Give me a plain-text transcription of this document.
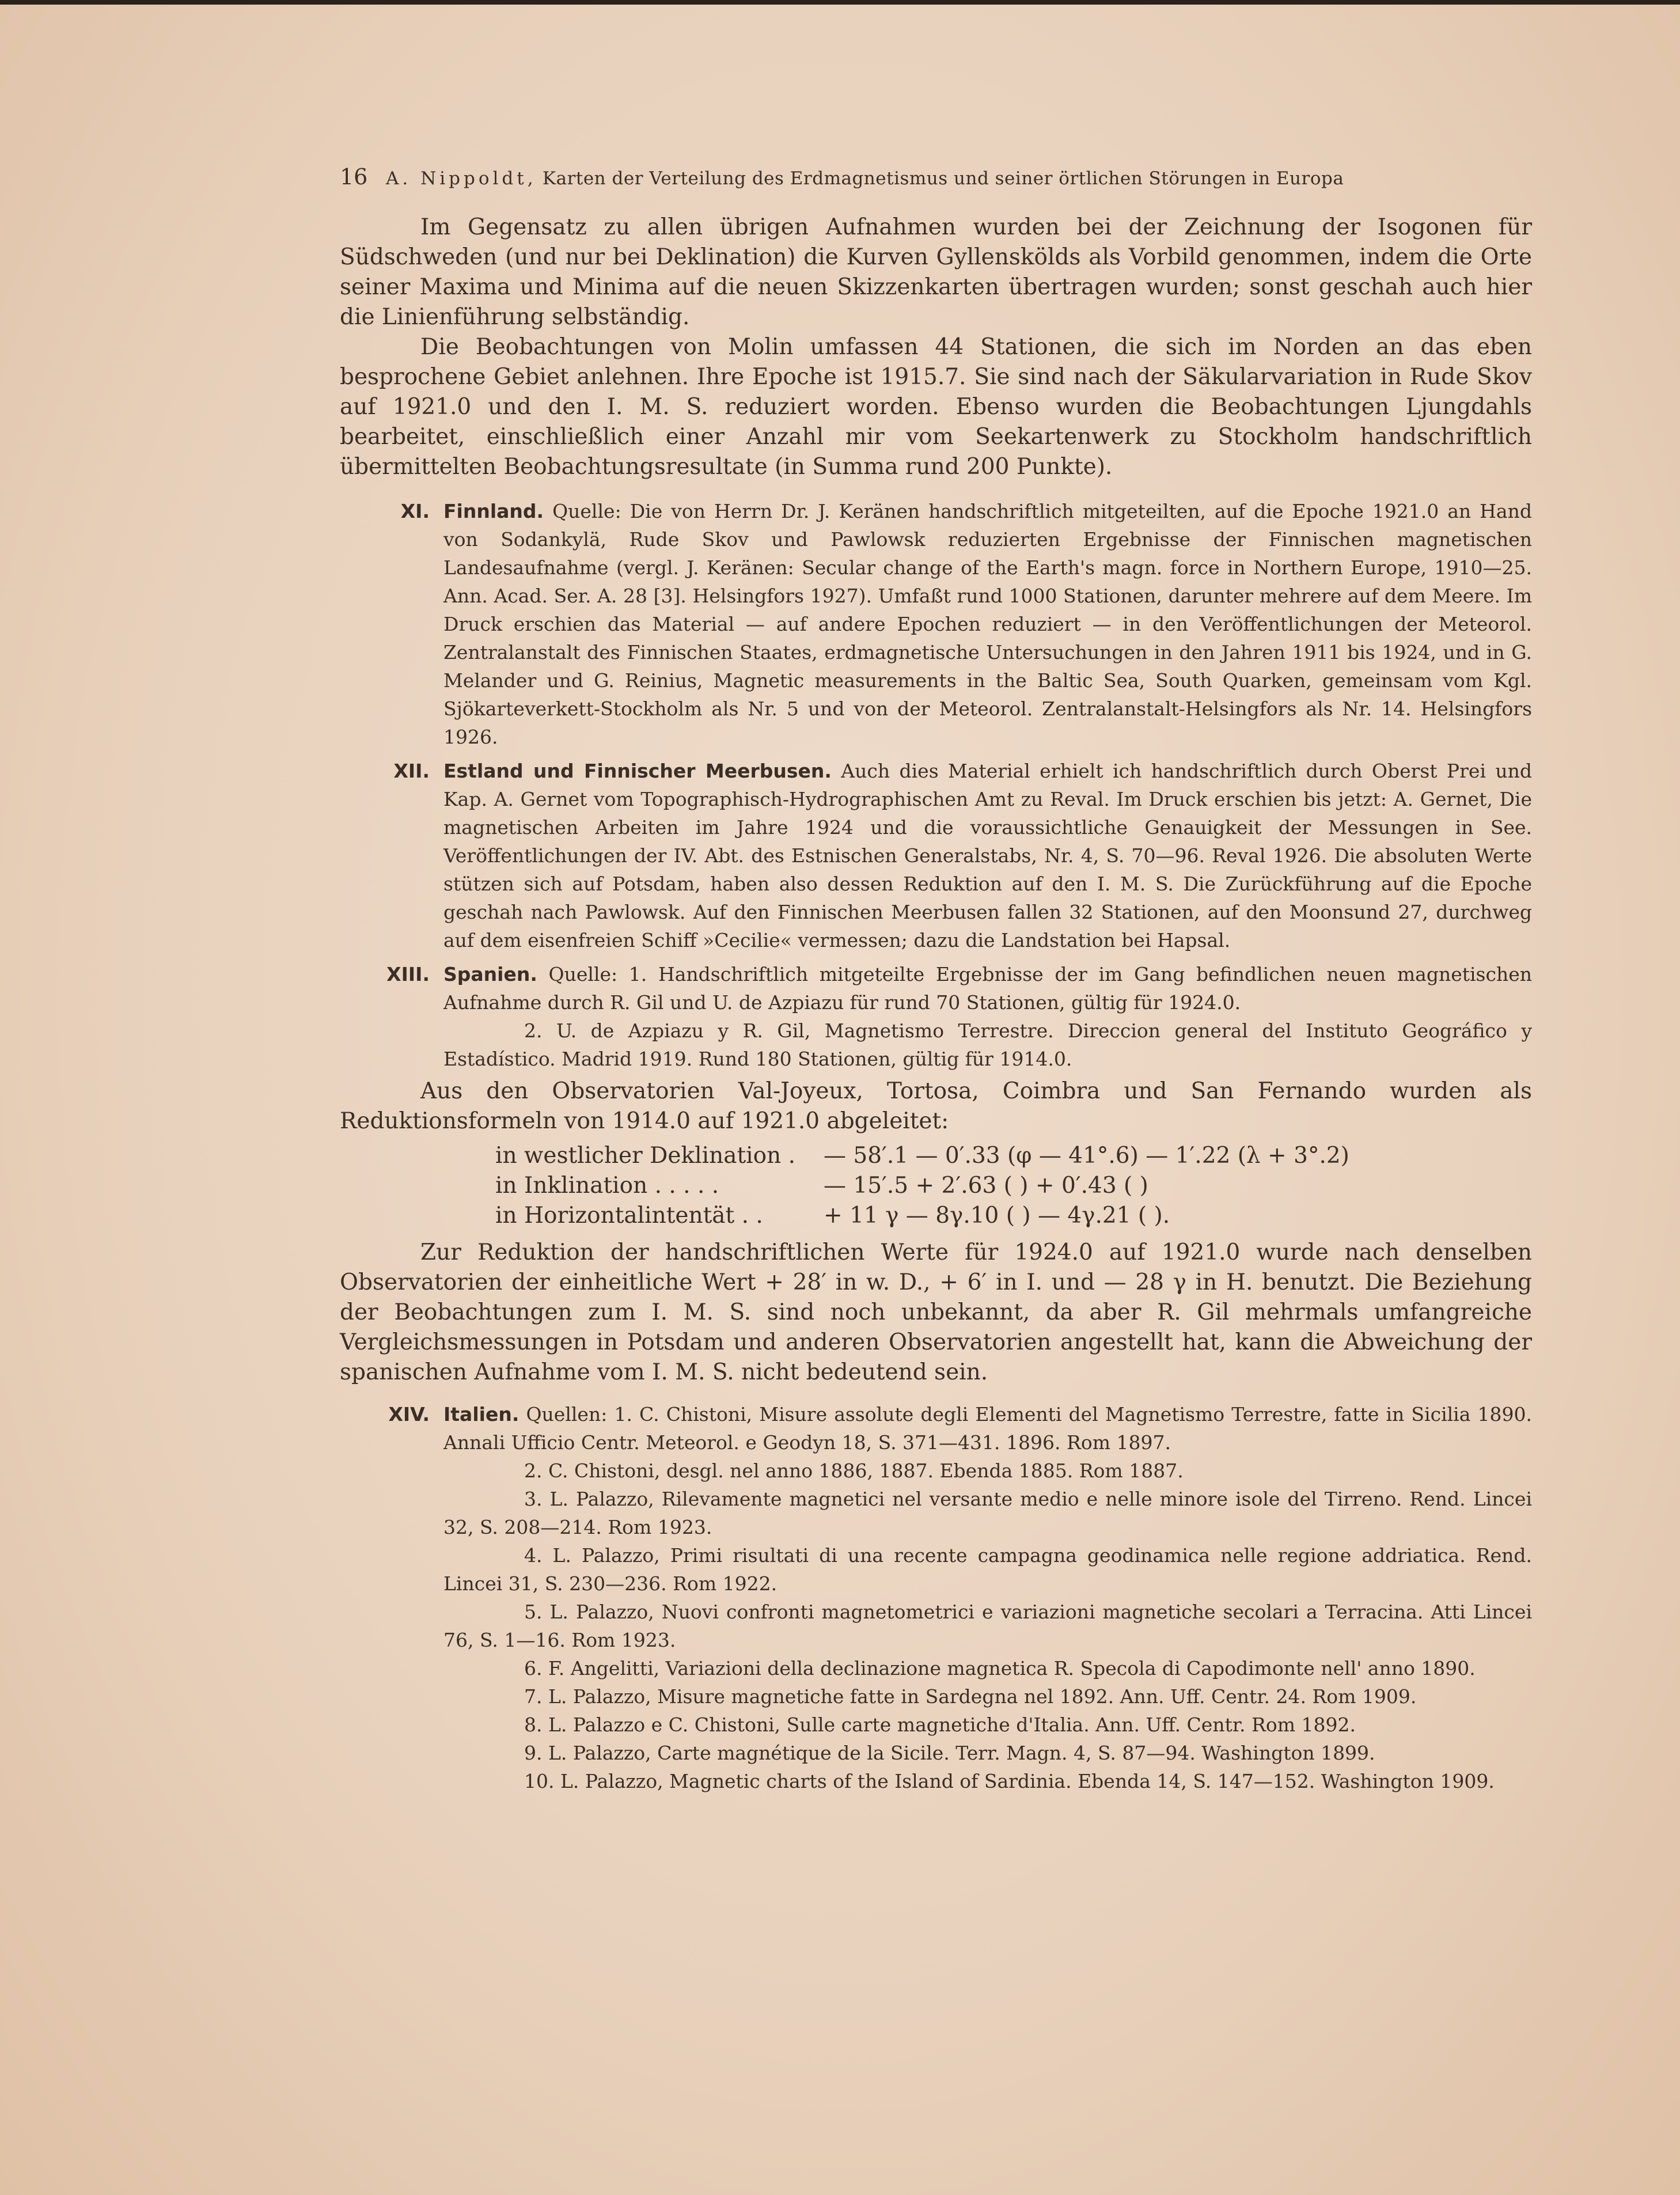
16	A. Nippoldt, Karten der Verteilung des Erdmagnetismus und seiner örtlichen Störungen in Europa

Im Gegensatz zu allen übrigen Aufnahmen wurden bei der Zeichnung der Isogonen für Südschweden (und nur bei Deklination) die Kurven Gyllenskölds als Vorbild genommen, indem die Orte seiner Maxima und Minima auf die neuen Skizzenkarten übertragen wurden; sonst geschah auch hier die Linienführung selbständig.

Die Beobachtungen von Molin umfassen 44 Stationen, die sich im Norden an das eben besprochene Gebiet anlehnen. Ihre Epoche ist 1915.7. Sie sind nach der Säkularvariation in Rude Skov auf 1921.0 und den I. M. S. reduziert worden. Ebenso wurden die Beobachtungen Ljungdahls bearbeitet, einschließlich einer Anzahl mir vom Seekartenwerk zu Stockholm handschriftlich übermittelten Beobachtungsresultate (in Summa rund 200 Punkte).

XI. Finnland. Quelle: Die von Herrn Dr. J. Keränen handschriftlich mitgeteilten, auf die Epoche 1921.0 an Hand von Sodankylä, Rude Skov und Pawlowsk reduzierten Ergebnisse der Finnischen magnetischen Landesaufnahme (vergl. J. Keränen: Secular change of the Earth's magn. force in Northern Europe, 1910—25. Ann. Acad. Ser. A. 28 [3]. Helsingfors 1927). Umfaßt rund 1000 Stationen, darunter mehrere auf dem Meere. Im Druck erschien das Material — auf andere Epochen reduziert — in den Veröffentlichungen der Meteorol. Zentralanstalt des Finnischen Staates, erdmagnetische Untersuchungen in den Jahren 1911 bis 1924, und in G. Melander und G. Reinius, Magnetic measurements in the Baltic Sea, South Quarken, gemeinsam vom Kgl. Sjökarteverkett-Stockholm als Nr. 5 und von der Meteorol. Zentralanstalt-Helsingfors als Nr. 14. Helsingfors 1926.
XII. Estland und Finnischer Meerbusen. Auch dies Material erhielt ich handschriftlich durch Oberst Prei und Kap. A. Gernet vom Topographisch-Hydrographischen Amt zu Reval. Im Druck erschien bis jetzt: A. Gernet, Die magnetischen Arbeiten im Jahre 1924 und die voraussichtliche Genauigkeit der Messungen in See. Veröffentlichungen der IV. Abt. des Estnischen Generalstabs, Nr. 4, S. 70—96. Reval 1926. Die absoluten Werte stützen sich auf Potsdam, haben also dessen Reduktion auf den I. M. S. Die Zurückführung auf die Epoche geschah nach Pawlowsk. Auf den Finnischen Meerbusen fallen 32 Stationen, auf den Moonsund 27, durchweg auf dem eisenfreien Schiff »Cecilie« vermessen; dazu die Landstation bei Hapsal.
XIII. Spanien. Quelle: 1. Handschriftlich mitgeteilte Ergebnisse der im Gang befindlichen neuen magnetischen Aufnahme durch R. Gil und U. de Azpiazu für rund 70 Stationen, gültig für 1924.0.
2. U. de Azpiazu y R. Gil, Magnetismo Terrestre. Direccion general del Instituto Geográfico y Estadístico. Madrid 1919. Rund 180 Stationen, gültig für 1914.0.

Aus den Observatorien Val-Joyeux, Tortosa, Coimbra und San Fernando wurden als Reduktionsformeln von 1914.0 auf 1921.0 abgeleitet:

in westlicher Deklination .	— 58′.1 — 0′.33 (φ — 41°.6) — 1′.22 (λ + 3°.2)
in Inklination . . . . .	— 15′.5 + 2′.63 ( ) + 0′.43 ( )
in Horizontalintentät . .	+ 11 γ — 8γ.10 ( ) — 4γ.21 ( ).

Zur Reduktion der handschriftlichen Werte für 1924.0 auf 1921.0 wurde nach denselben Observatorien der einheitliche Wert + 28′ in w. D., + 6′ in I. und — 28 γ in H. benutzt. Die Beziehung der Beobachtungen zum I. M. S. sind noch unbekannt, da aber R. Gil mehrmals umfangreiche Vergleichsmessungen in Potsdam und anderen Observatorien angestellt hat, kann die Abweichung der spanischen Aufnahme vom I. M. S. nicht bedeutend sein.

XIV. Italien. Quellen: 1. C. Chistoni, Misure assolute degli Elementi del Magnetismo Terrestre, fatte in Sicilia 1890. Annali Ufficio Centr. Meteorol. e Geodyn 18, S. 371—431. 1896. Rom 1897.
2. C. Chistoni, desgl. nel anno 1886, 1887. Ebenda 1885. Rom 1887.
3. L. Palazzo, Rilevamente magnetici nel versante medio e nelle minore isole del Tirreno. Rend. Lincei 32, S. 208—214. Rom 1923.
4. L. Palazzo, Primi risultati di una recente campagna geodinamica nelle regione addriatica. Rend. Lincei 31, S. 230—236. Rom 1922.
5. L. Palazzo, Nuovi confronti magnetometrici e variazioni magnetiche secolari a Terracina. Atti Lincei 76, S. 1—16. Rom 1923.
6. F. Angelitti, Variazioni della declinazione magnetica R. Specola di Capodimonte nell' anno 1890.
7. L. Palazzo, Misure magnetiche fatte in Sardegna nel 1892. Ann. Uff. Centr. 24. Rom 1909.
8. L. Palazzo e C. Chistoni, Sulle carte magnetiche d'Italia. Ann. Uff. Centr. Rom 1892.
9. L. Palazzo, Carte magnétique de la Sicile. Terr. Magn. 4, S. 87—94. Washington 1899.
10. L. Palazzo, Magnetic charts of the Island of Sardinia. Ebenda 14, S. 147—152. Washington 1909.
